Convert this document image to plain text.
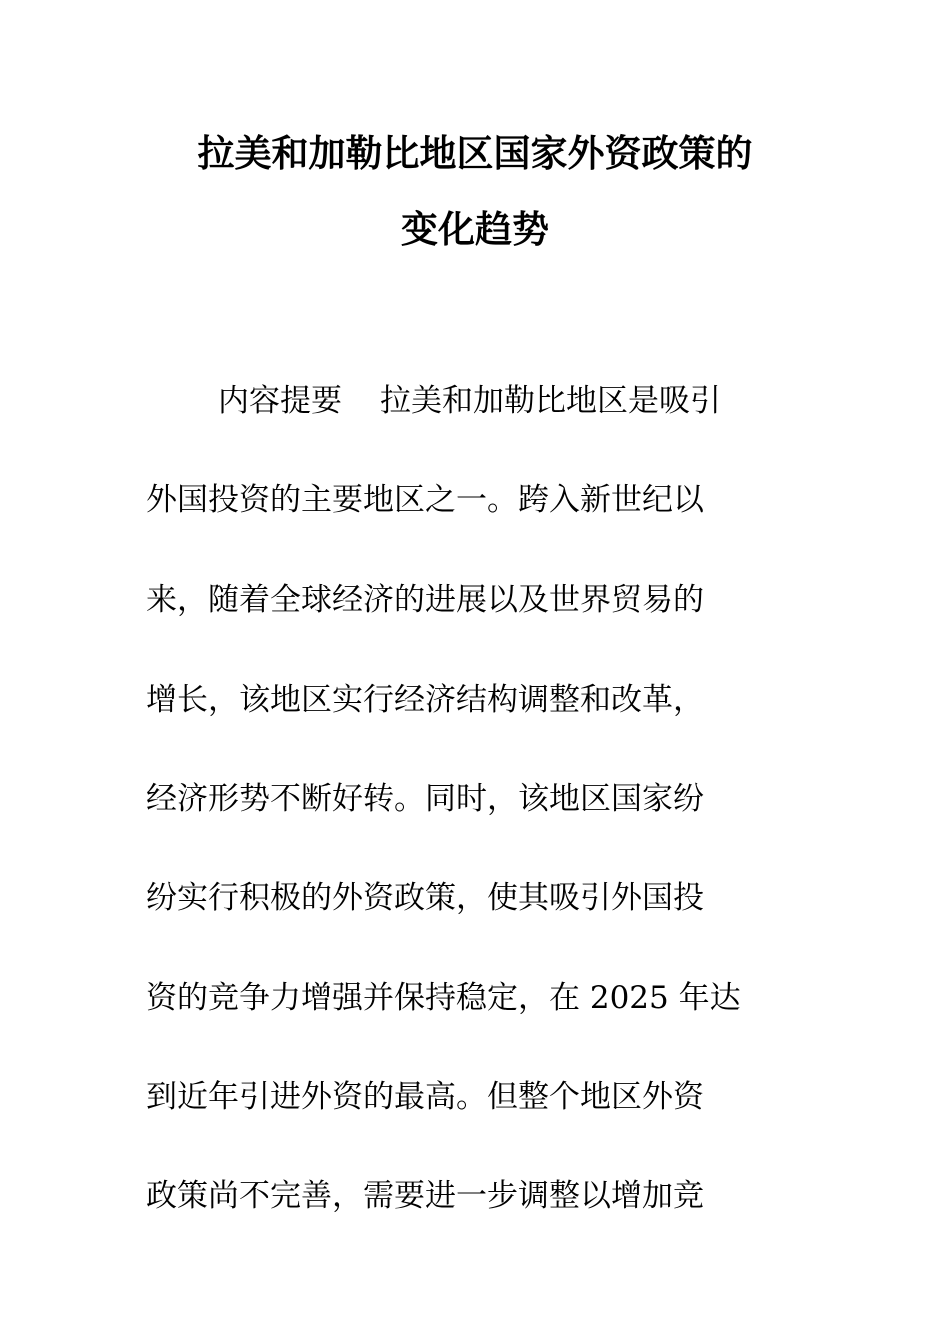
拉美和加勒比地区国家外资政策的
变化趋势
内容提要 拉美和加勒比地区是吸引
外国投资的主要地区之一。跨入新世纪以
来，随着全球经济的进展以及世界贸易的
增长，该地区实行经济结构调整和改革，
经济形势不断好转。同时，该地区国家纷
纷实行积极的外资政策，使其吸引外国投
资的竞争力增强并保持稳定，在 2025 年达
到近年引进外资的最高。但整个地区外资
政策尚不完善，需要进一步调整以增加竞
